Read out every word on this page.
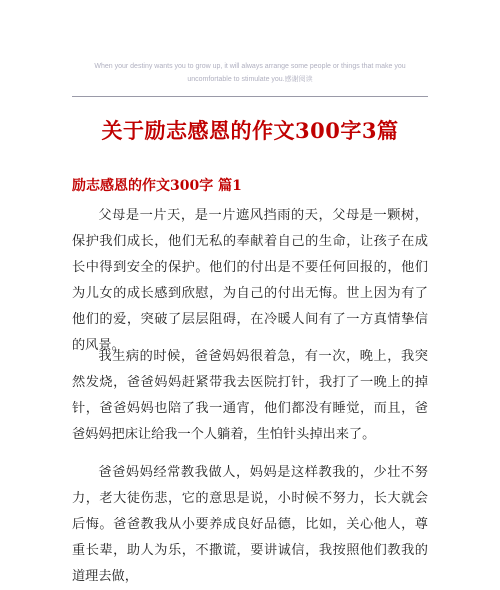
When your destiny wants you to grow up, it will always arrange some people or things that make you
uncomfortable to stimulate you.感谢阅读
关于励志感恩的作文300字3篇
励志感恩的作文300字 篇1

父母是一片天，是一片遮风挡雨的天，父母是一颗树，保护我们成长，他们无私的奉献着自己的生命，让孩子在成长中得到安全的保护。他们的付出是不要任何回报的，他们为儿女的成长感到欣慰，为自己的付出无悔。世上因为有了他们的爱，突破了层层阻碍，在冷暖人间有了一方真情挚信的风景。

我生病的时候，爸爸妈妈很着急，有一次，晚上，我突然发烧，爸爸妈妈赶紧带我去医院打针，我打了一晚上的掉针，爸爸妈妈也陪了我一通宵，他们都没有睡觉，而且，爸爸妈妈把床让给我一个人躺着，生怕针头掉出来了。

爸爸妈妈经常教我做人，妈妈是这样教我的，少壮不努力，老大徒伤悲，它的意思是说，小时候不努力，长大就会后悔。爸爸教我从小要养成良好品德，比如，关心他人，尊重长辈，助人为乐，不撒谎，要讲诚信，我按照他们教我的道理去做，
